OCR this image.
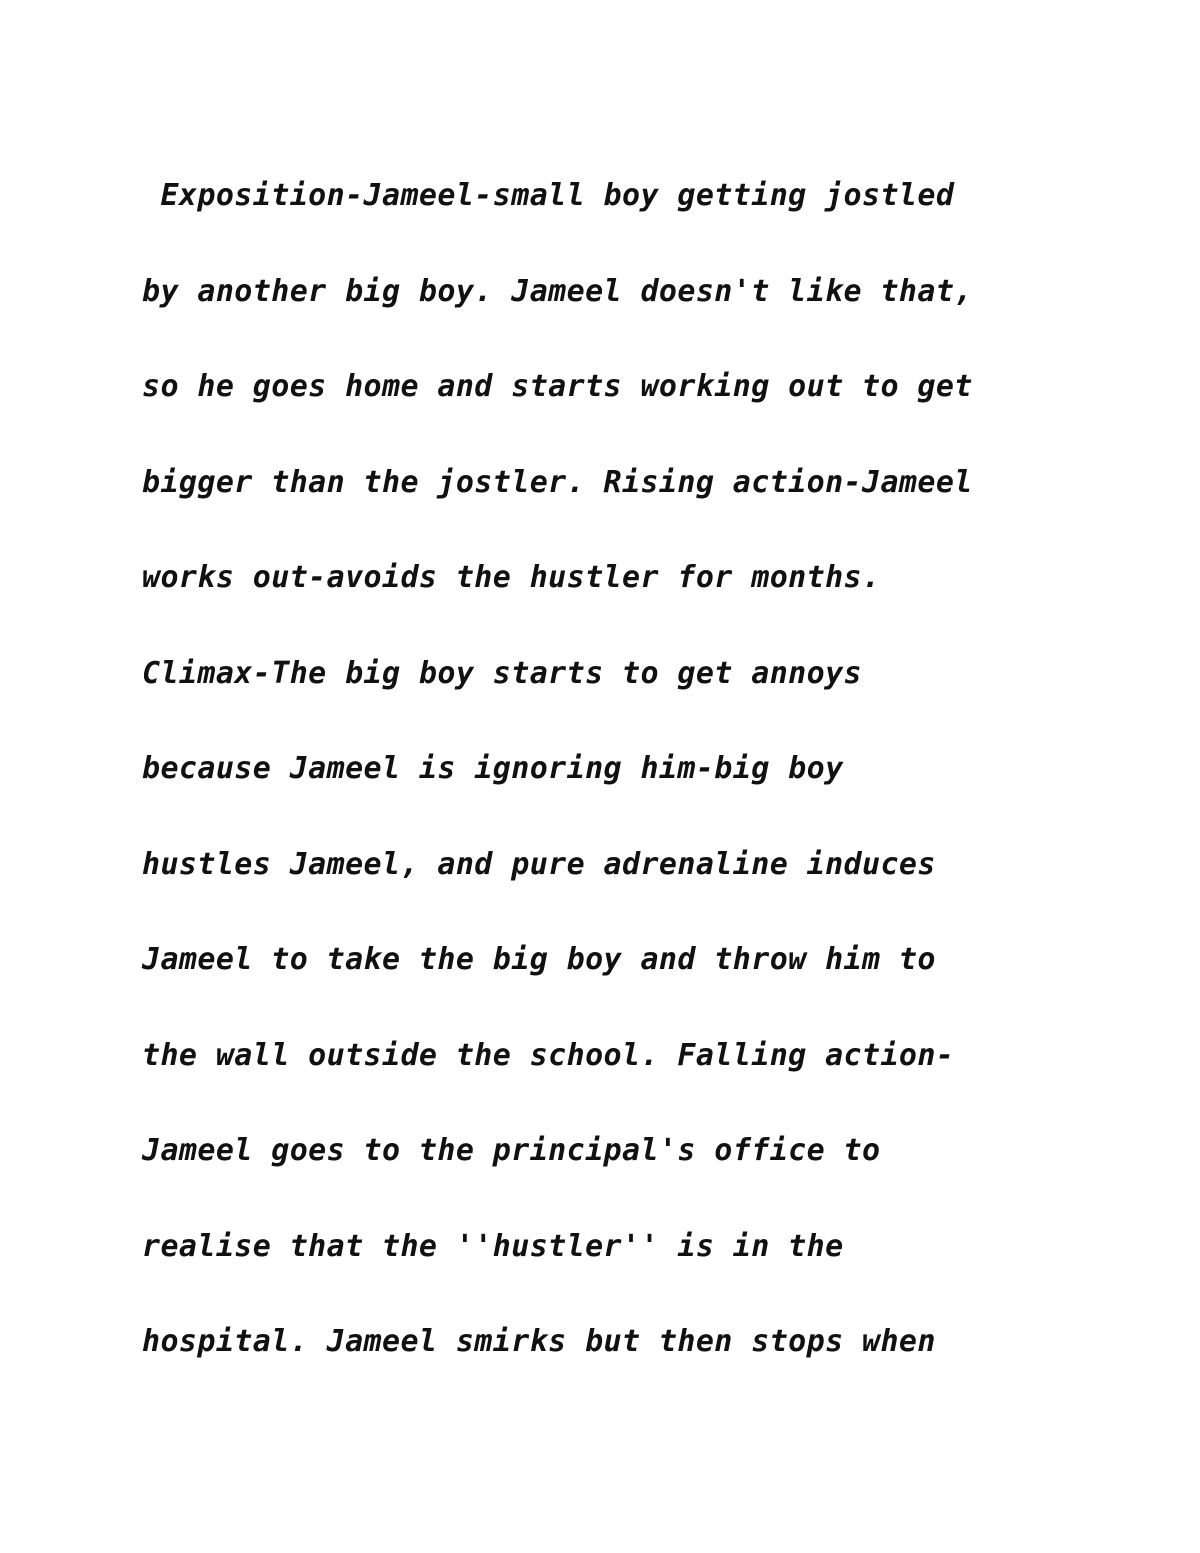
Exposition-Jameel-small boy getting jostled
by another big boy. Jameel doesn't like that,
so he goes home and starts working out to get
bigger than the jostler. Rising action-Jameel
works out-avoids the hustler for months.
Climax-The big boy starts to get annoys
because Jameel is ignoring him-big boy
hustles Jameel, and pure adrenaline induces
Jameel to take the big boy and throw him to
the wall outside the school. Falling action-
Jameel goes to the principal's office to
realise that the ''hustler'' is in the
hospital. Jameel smirks but then stops when
